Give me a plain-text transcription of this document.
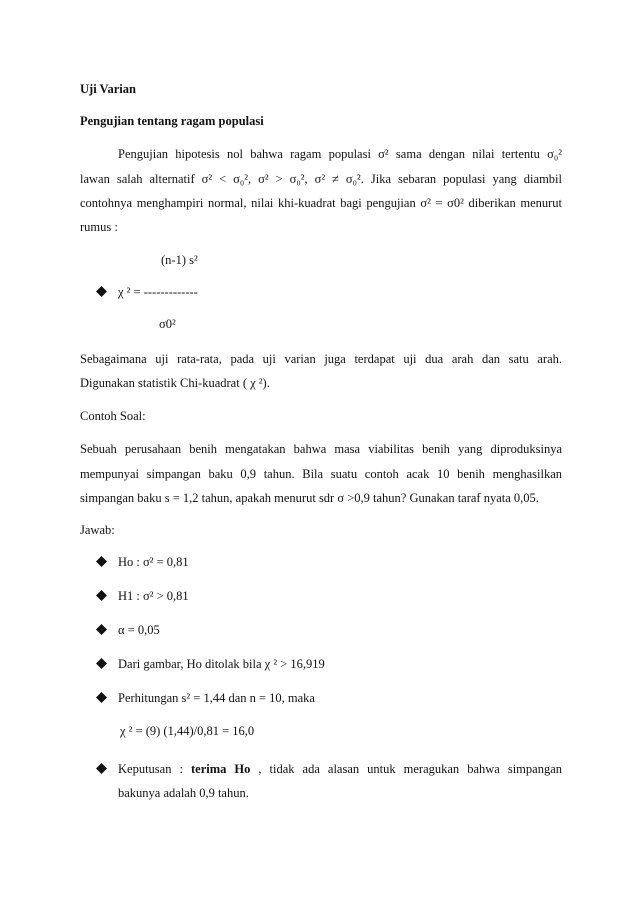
Uji Varian
Pengujian tentang ragam populasi
Pengujian hipotesis nol bahwa ragam populasi σ² sama dengan nilai tertentu σ₀²
lawan salah alternatif σ² < σ₀², σ² > σ₀², σ² ≠ σ₀². Jika sebaran populasi yang diambil
contohnya menghampiri normal, nilai khi-kuadrat bagi pengujian σ² = σ0² diberikan menurut
rumus :
(n-1) s²
χ ² = -------------
σ0²
Sebagaimana uji rata-rata, pada uji varian juga terdapat uji dua arah dan satu arah.
Digunakan statistik Chi-kuadrat ( χ ²).
Contoh Soal:
Sebuah perusahaan benih mengatakan bahwa masa viabilitas benih yang diproduksinya
mempunyai simpangan baku 0,9 tahun. Bila suatu contoh acak 10 benih menghasilkan
simpangan baku s = 1,2 tahun, apakah menurut sdr σ >0,9 tahun? Gunakan taraf nyata 0,05.
Jawab:
Ho : σ² = 0,81
H1 : σ² > 0,81
α = 0,05
Dari gambar, Ho ditolak bila χ ² > 16,919
Perhitungan s² = 1,44 dan n = 10, maka
χ ² = (9) (1,44)/0,81 = 16,0
Keputusan : terima Ho , tidak ada alasan untuk meragukan bahwa simpangan
bakunya adalah 0,9 tahun.
